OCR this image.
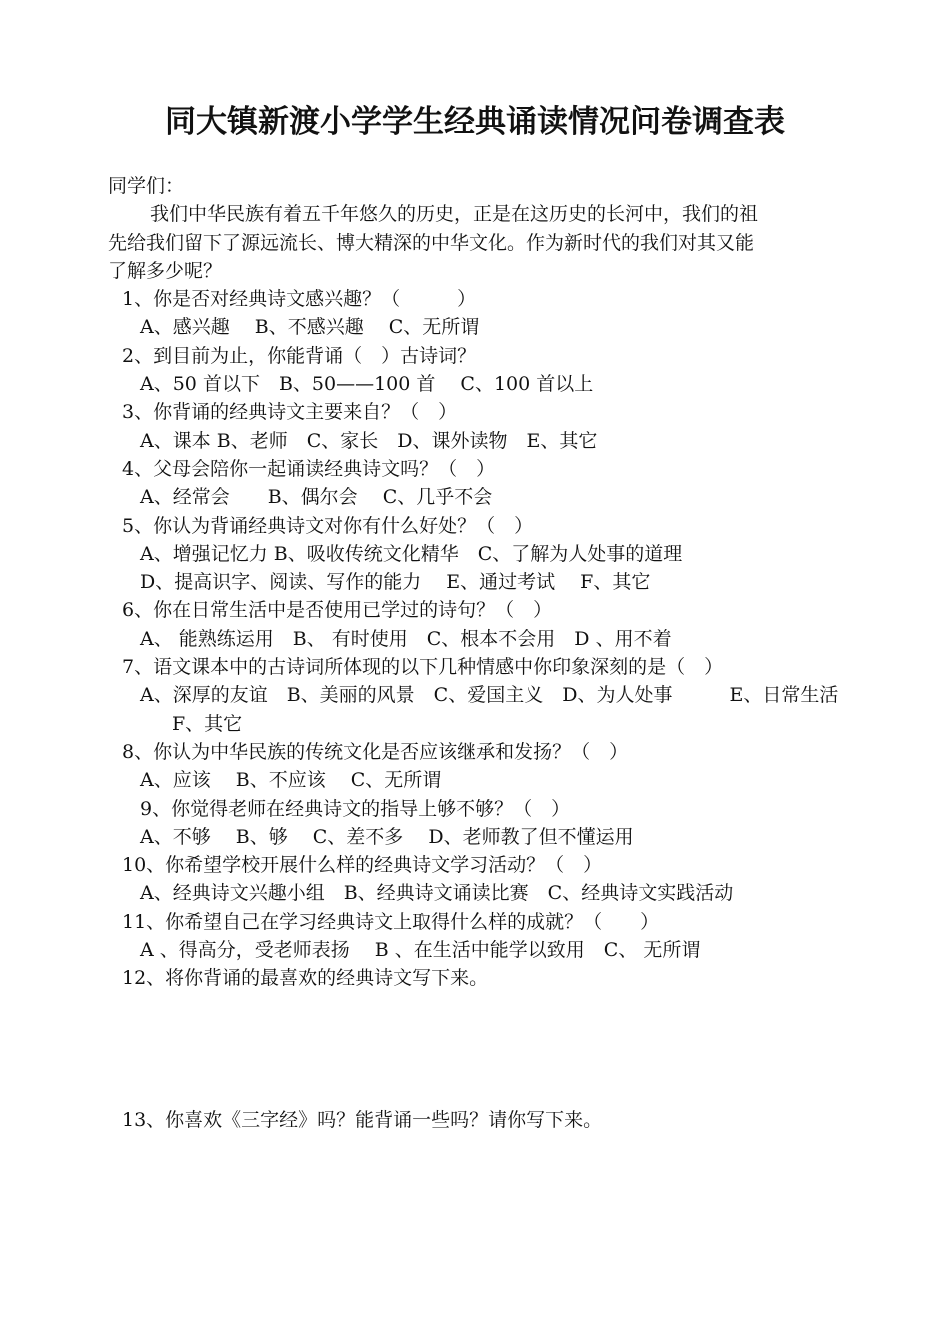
同大镇新渡小学学生经典诵读情况问卷调查表
同学们：
我们中华民族有着五千年悠久的历史，正是在这历史的长河中，我们的祖
先给我们留下了源远流长、博大精深的中华文化。作为新时代的我们对其又能
了解多少呢？
1、你是否对经典诗文感兴趣？（　　　）
A、感兴趣　 B、不感兴趣　 C、无所谓
2、到目前为止，你能背诵（　）古诗词？
A、50 首以下　B、50——100 首　 C、100 首以上
3、你背诵的经典诗文主要来自？（　）
A、课本 B、老师　C、家长　D、课外读物　E、其它
4、父母会陪你一起诵读经典诗文吗？（　）
A、经常会　　B、偶尔会　 C、几乎不会
5、你认为背诵经典诗文对你有什么好处？（　）
A、增强记忆力 B、吸收传统文化精华　C、了解为人处事的道理
D、提高识字、阅读、写作的能力　 E、通过考试　 F、其它
6、你在日常生活中是否使用已学过的诗句？（　）
A、 能熟练运用　B、 有时使用　C、根本不会用　D 、用不着
7、语文课本中的古诗词所体现的以下几种情感中你印象深刻的是（　）
A、深厚的友谊　B、美丽的风景　C、爱国主义　D、为人处事　　　E、日常生活
F、其它
8、你认为中华民族的传统文化是否应该继承和发扬？（　）
A、应该　 B、不应该　 C、无所谓
9、你觉得老师在经典诗文的指导上够不够？（　）
A、不够　 B、够　 C、差不多　 D、老师教了但不懂运用
10、你希望学校开展什么样的经典诗文学习活动？（　）
A、经典诗文兴趣小组　B、经典诗文诵读比赛　C、经典诗文实践活动
11、你希望自己在学习经典诗文上取得什么样的成就？（　　）
A 、得高分，受老师表扬　 B 、在生活中能学以致用　C、 无所谓
12、将你背诵的最喜欢的经典诗文写下来。
13、你喜欢《三字经》吗？能背诵一些吗？请你写下来。
